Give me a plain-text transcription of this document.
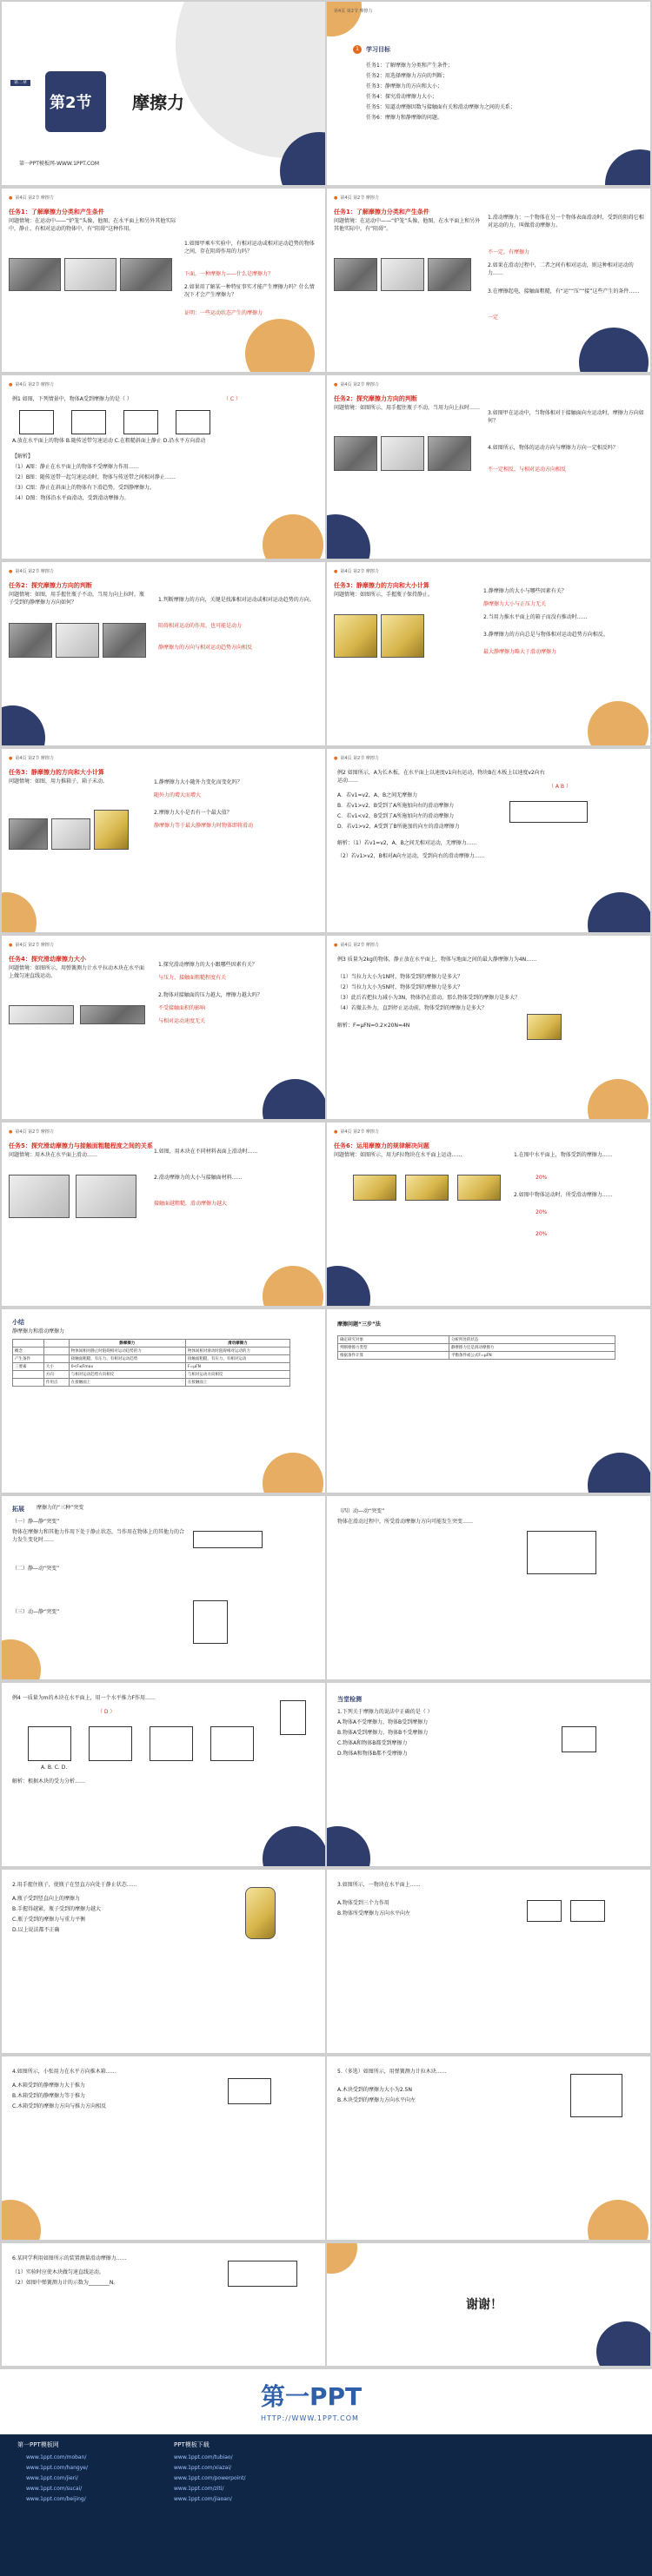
第二章
第2节 摩擦力
第一PPT模板网-WWW.1PPT.COM
第4页 第2节 摩擦力
1	学习目标
任务1：了解摩擦力分类和产生条件；
任务2：用选择摩擦力方向的判断；
任务3：静摩擦力的方向和大小；
任务4：探究滑动摩擦力大小；
任务5：知道动摩擦因数与接触面有关和滑动摩擦力之间的关系；
任务6：摩擦力和静摩擦的问题。
● 第4页 第2节 摩擦力
任务1：了解摩擦力分类和产生条件
问题情境：在运动中——“炉笼”头像，他图，在水平面上和另外其他实际中，静止、有相对运动的物体中，有“阻碍”这种作用。
1.如图甲乘车实验中，有相对运动或相对运动趋势的物体之间，存在阻碍作用的力吗？
下面，一种摩擦力——什么是摩擦力？
2.如果用了解某一种特征事实才能产生摩擦力吗？什么情况下才会产生摩擦力？
证明：一些运动状态产生的摩擦力
● 第4页 第2节 摩擦力
任务1：了解摩擦力分类和产生条件
问题情境：在运动中——“炉笼”头像，他图，在水平面上和另外其他实际中，有“阻碍”。
1.滑动摩擦力：一个物体在另一个物体表面滑动时，受到的阻碍它相对运动的力，叫做滑动摩擦力。
不一定，有摩擦力
2.如果在滑动过程中，二者之间有相对运动，则这种相对运动的力……
3.在摩擦起电，接触面粗糙，有“运”“压”“接”这些产生的条件……
一定
● 第4页 第2节 摩擦力
例1 如图，下列情景中，物体A受到摩擦力的是（ ）	（ C ）
A.放在水平面上的物体 B.随传送带匀速运动 C.在粗糙斜面上静止 D.沿水平方向滑动
【解析】
（1）A图：静止在水平面上的物体不受摩擦力作用……
（2）B图：随传送带一起匀速运动时，物体与传送带之间相对静止……
（3）C图：静止在斜面上的物体有下滑趋势，受到静摩擦力。
（4）D图：物体沿水平面滑动，受到滑动摩擦力。
● 第4页 第2节 摩擦力
任务2：探究摩擦力方向的判断
问题情境：如图所示，用手握住瓶子不动，当用力向上拉时……
3.如图甲在运动中，当物体相对于接触面向左运动时，摩擦力方向如何？
4.如图所示，物体的运动方向与摩擦力方向一定相反吗？
不一定相反，与相对运动方向相反
● 第4页 第2节 摩擦力
任务2：探究摩擦力方向的判断
问题情境：如图，用手握住瓶子不动，当用力向上拉时，瓶子受到的静摩擦力方向如何？	1.判断摩擦力的方向，关键是找准相对运动或相对运动趋势的方向。
阻碍相对运动的作用，也可能是动力
静摩擦力的方向与相对运动趋势方向相反
● 第4页 第2节 摩擦力
任务3：静摩擦力的方向和大小计算
问题情境：如图所示，手握瓶子保持静止。
1.静摩擦力的大小与哪些因素有关？
静摩擦力大小与正压力无关
2.当用力推水平面上的箱子而没有推动时……
3.静摩擦力的方向总是与物体相对运动趋势方向相反。
最大静摩擦力略大于滑动摩擦力
● 第4页 第2节 摩擦力
任务3：静摩擦力的方向和大小计算
问题情境：如图，用力推箱子，箱子未动。	1.静摩擦力大小随外力变化而变化吗？
随外力的增大而增大
2.摩擦力大小是否有一个最大值？
静摩擦力等于最大静摩擦力时物体即将滑动
● 第4页 第2节 摩擦力
例2 如图所示，A为长木板，在水平面上以速度v1向右运动，物块B在木板上以速度v2向右运动……
（ A B ）
A．若v1=v2，A、B之间无摩擦力
B．若v1>v2，B受到了A所施加向右的滑动摩擦力
C．若v1<v2，B受到了A所施加向左的滑动摩擦力
D．若v1>v2，A受到了B所施加的向左的滑动摩擦力
解析：（1）若v1=v2，A、B之间无相对运动，无摩擦力……
（2）若v1>v2，B相对A向左运动，受到向右的滑动摩擦力……
● 第4页 第2节 摩擦力
任务4：探究滑动摩擦力大小
问题情境：如图所示，用弹簧测力计水平拉动木块在水平面上做匀速直线运动。
1.探究滑动摩擦力的大小跟哪些因素有关？
与压力、接触面粗糙程度有关
2.物体对接触面的压力越大，摩擦力越大吗？
不受接触面积的影响
与相对运动速度无关
● 第4页 第2节 摩擦力
例3 质量为2kg的物体，静止放在水平面上，物体与地面之间的最大静摩擦力为4N……
（1）当拉力大小为1N时，物体受到的摩擦力是多大？
（2）当拉力大小为5N时，物体受到的摩擦力是多大？
（3）此后若把拉力减小为3N，物体仍在滑动，那么物体受到的摩擦力是多大？
（4）若撤去外力，直到停止运动前，物体受到的摩擦力是多大？
解析：F=μFN=0.2×20N=4N
● 第4页 第2节 摩擦力
任务5：探究滑动摩擦力与接触面粗糙程度之间的关系
问题情境：用木块在水平面上滑动……
1.如图，用木块在不同材料表面上滑动时……
2.滑动摩擦力的大小与接触面材料……
接触面越粗糙，滑动摩擦力越大
● 第4页 第2节 摩擦力
任务6：运用摩擦力的规律解决问题
问题情境：如图所示，用力F拉物块在水平面上运动……	1.在图中水平面上，物体受到的摩擦力……
20%
2.如图中物体运动时，所受滑动摩擦力……
20%
20%
小结
静摩擦力和滑动摩擦力
		静摩擦力	滑动摩擦力
概念		物体间相对静止时阻碍相对运动趋势的力	物体间相对滑动时阻碍相对运动的力
产生条件		接触面粗糙、有压力、有相对运动趋势	接触面粗糙、有压力、有相对运动
三要素	大小	0<F≤Fmax	F=μFN
	方向	与相对运动趋势方向相反	与相对运动方向相反
	作用点	在接触面上	在接触面上
摩擦问题“三步”法
确定研究对象	分析所处的状态
判断摩擦力类型	静摩擦力还是滑动摩擦力
根据条件计算	平衡条件或公式F=μFN
拓展 摩擦力的“三种”突变
（一）静—静“突变”
物体在摩擦力和其他力作用下处于静止状态，当作用在物体上的其他力的合力发生变化时……
（二）静—动“突变”
（三）动—静“突变”
（四）动—动“突变”
物体在滑动过程中，所受滑动摩擦力方向可能发生突变……
例4 一质量为m的木块在水平面上，用一个水平推力F作用……
（ D ）
A. B. C. D.
解析：根据木块的受力分析……
当堂检测
1.下列关于摩擦力的说法中正确的是（ ）
A.物体A不受摩擦力，物体B受到摩擦力
B.物体A受到摩擦力，物体B不受摩擦力
C.物体A和物体B都受到摩擦力
D.物体A和物体B都不受摩擦力
2.用手握住瓶子，使瓶子在竖直方向处于静止状态……
A.瓶子受到竖直向上的摩擦力
B.手握得越紧，瓶子受到的摩擦力越大
C.瓶子受到的摩擦力与重力平衡
D.以上说法都不正确
3.如图所示，一物块在水平面上……
A.物体受到三个力作用
B.物体所受摩擦力方向水平向左
4.如图所示，小张用力在水平方向推木箱……
A.木箱受到的静摩擦力大于推力
B.木箱受到的静摩擦力等于推力
C.木箱受到的摩擦力方向与推力方向相反
5.（多选）如图所示，用弹簧测力计拉木块……
A.木块受到的摩擦力大小为2.5N
B.木块受到的摩擦力方向水平向左
6.某同学利用如图所示的装置测量滑动摩擦力……
（1）实验时应使木块做匀速直线运动。
（2）如图中弹簧测力计的示数为________N。
谢谢！
第一PPT
HTTP://WWW.1PPT.COM
第一PPT模板网	PPT模板下载
www.1ppt.com/moban/
www.1ppt.com/hangye/
www.1ppt.com/jieri/
www.1ppt.com/sucai/
www.1ppt.com/beijing/
www.1ppt.com/tubiao/
www.1ppt.com/xiazai/
www.1ppt.com/powerpoint/
www.1ppt.com/ziti/
www.1ppt.com/jiaoan/
